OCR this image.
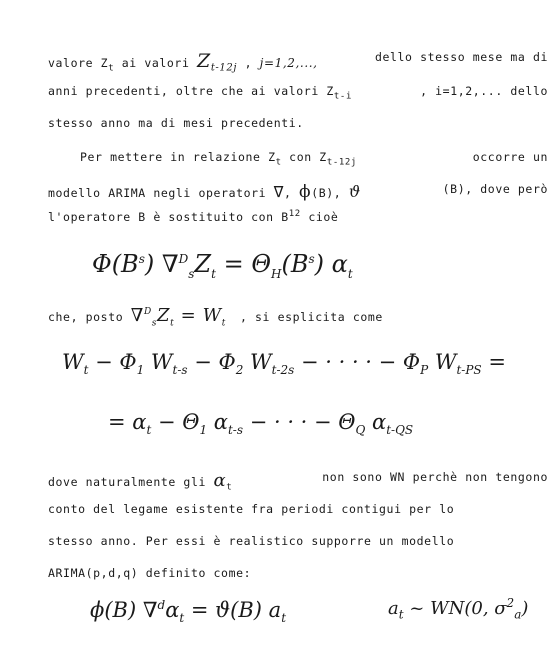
valore $Z_t$ ai valori $Z_{t-12j}$ , j=1,2,...,	dello stesso mese ma di
anni precedenti, oltre che ai valori $Z_{t-i}$	, i=1,2,... dello
stesso anno ma di mesi precedenti.
Per mettere in relazione $Z_t$ con $Z_{t-12j}$	occorre un
modello ARIMA negli operatori ∇, ϕ(B), ϑ	(B), dove però
l'operatore B è sostituito con $B^{12}$ cioè
$\Phi(B^s) \nabla^D_sZ_t = \Theta_H(B^s)$ $\alpha_t$
che, posto $\nabla^D_sZ_t = W_t$ , si esplicita come
$W_t - \Phi_1$ $W_{t-s} - \Phi_2$ $W_{t-2s}$ − · · · · − $\Phi_P$ $W_{t-PS}$ =
= $\alpha_t - \Theta_1$ $\alpha_{t-s}$ − · · · − $\Theta_Q$ $\alpha_{t-QS}$
dove naturalmente gli $\alpha_t$
non sono WN perchè non tengono
conto del legame esistente fra periodi contigui per lo
stesso anno. Per essi è realistico supporre un modello
ARIMA(p,d,q) definito come:
ϕ(B) $\nabla^d\alpha_t = ϑ(B)$ $a_t$	$a_t$ ~ WN(0, $\sigma^2_a$)
